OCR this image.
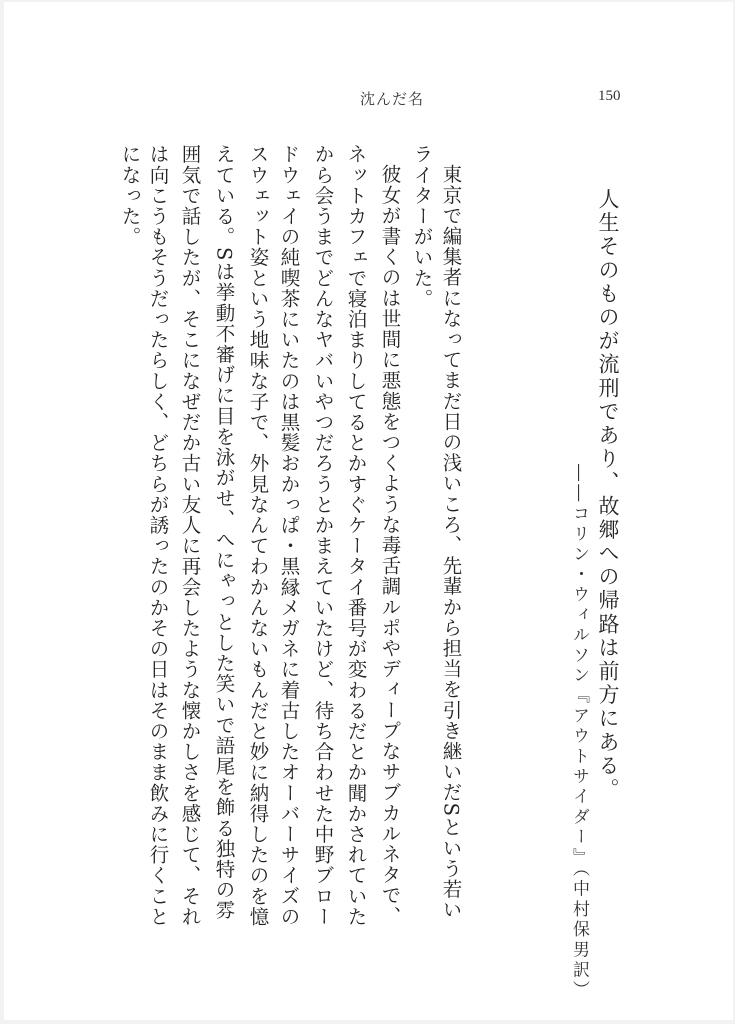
沈んだ名	150
人生そのものが流刑であり、故郷への帰路は前方にある。
――コリン・ウィルソン『アウトサイダー』（中村保男訳）
東京で編集者になってまだ日の浅いころ、先輩から担当を引き継いだSという若い
ライターがいた。
彼女が書くのは世間に悪態をつくような毒舌調ルポやディープなサブカルネタで、
ネットカフェで寝泊まりしてるとかすぐケータイ番号が変わるだとか聞かされていた
から会うまでどんなヤバいやつだろうとかまえていたけど、待ち合わせた中野ブロー
ドウェイの純喫茶にいたのは黒髪おかっぱ・黒縁メガネに着古したオーバーサイズの
スウェット姿という地味な子で、外見なんてわかんないもんだと妙に納得したのを憶
えている。Sは挙動不審げに目を泳がせ、へにゃっとした笑いで語尾を飾る独特の雰
囲気で話したが、そこになぜだか古い友人に再会したような懐かしさを感じて、それ
は向こうもそうだったらしく、どちらが誘ったのかその日はそのまま飲みに行くこと
になった。
